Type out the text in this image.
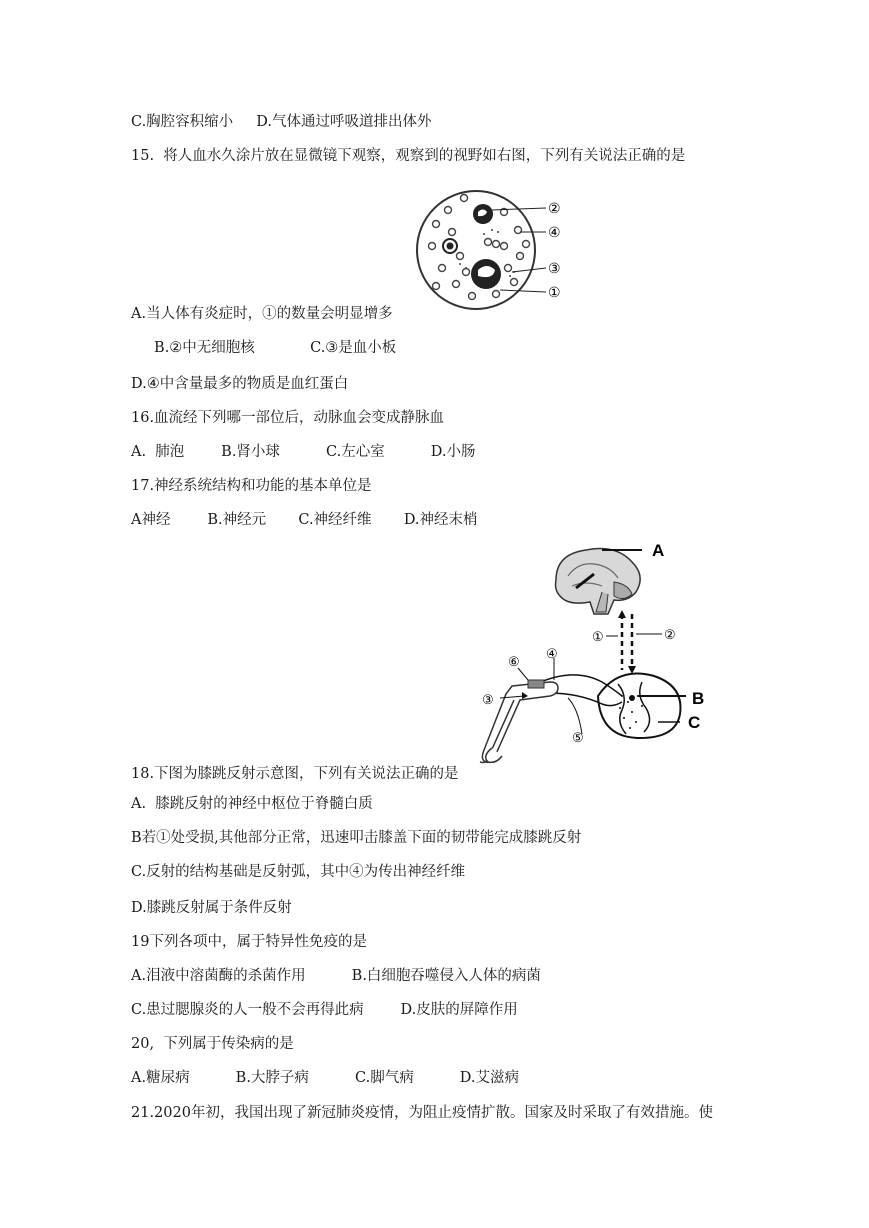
C.胸腔容积缩小     D.气体通过呼吸道排出体外
15.  将人血水久涂片放在显微镜下观察，观察到的视野如右图，下列有关说法正确的是
A.当人体有炎症时，①的数量会明显增多
B.②中无细胞核            C.③是血小板
D.④中含量最多的物质是血红蛋白
16.血流经下列哪一部位后，动脉血会变成静脉血
A.  肺泡        B.肾小球          C.左心室          D.小肠
17.神经系统结构和功能的基本单位是
A神经        B.神经元       C.神经纤维       D.神经末梢
18.下图为膝跳反射示意图，下列有关说法正确的是
A.  膝跳反射的神经中枢位于脊髓白质
B若①处受损,其他部分正常，迅速叩击膝盖下面的韧带能完成膝跳反射
C.反射的结构基础是反射弧，其中④为传出神经纤维
D.膝跳反射属于条件反射
19下列各项中，属于特异性免疫的是
A.泪液中溶菌酶的杀菌作用          B.白细胞吞噬侵入人体的病菌
C.患过腮腺炎的人一般不会再得此病        D.皮肤的屏障作用
20,  下列属于传染病的是
A.糖尿病          B.大脖子病          C.脚气病          D.艾滋病
21.2020年初，我国出现了新冠肺炎疫情，为阻止疫情扩散。国家及时采取了有效措施。使
②
④
③
①
A
①	②
B
C
⑥
④
③
⑤
